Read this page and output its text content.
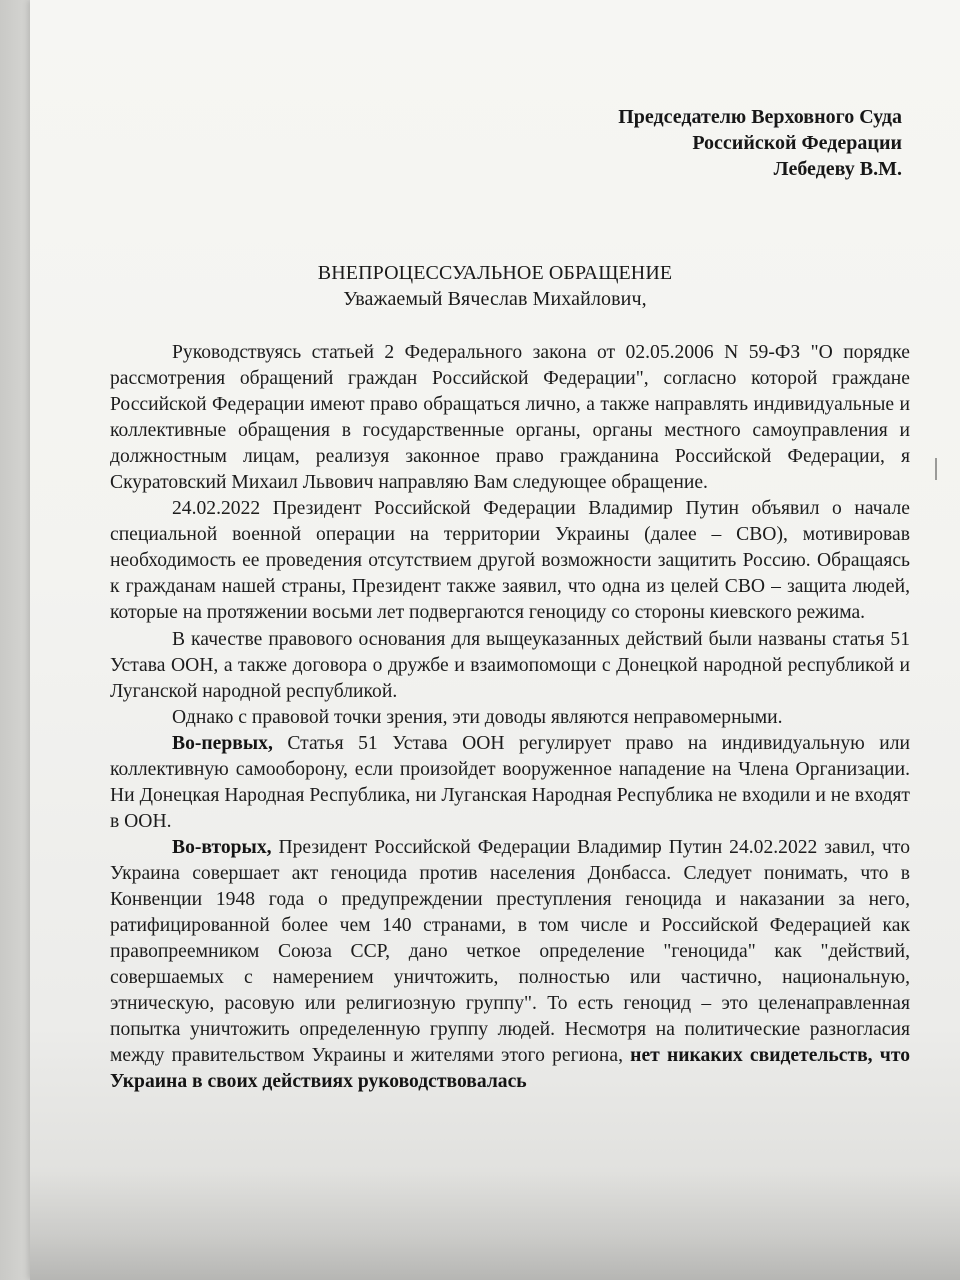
Председателю Верховного Суда
Российской Федерации
Лебедеву В.М.
ВНЕПРОЦЕССУАЛЬНОЕ ОБРАЩЕНИЕ
Уважаемый Вячеслав Михайлович,

Руководствуясь статьей 2 Федерального закона от 02.05.2006 N 59-ФЗ "О порядке рассмотрения обращений граждан Российской Федерации", согласно которой граждане Российской Федерации имеют право обращаться лично, а также направлять индивидуальные и коллективные обращения в государственные органы, органы местного самоуправления и должностным лицам, реализуя законное право гражданина Российской Федерации, я Скуратовский Михаил Львович направляю Вам следующее обращение.

24.02.2022 Президент Российской Федерации Владимир Путин объявил о начале специальной военной операции на территории Украины (далее – СВО), мотивировав необходимость ее проведения отсутствием другой возможности защитить Россию. Обращаясь к гражданам нашей страны, Президент также заявил, что одна из целей СВО – защита людей, которые на протяжении восьми лет подвергаются геноциду со стороны киевского режима.

В качестве правового основания для выщеуказанных действий были названы статья 51 Устава ООН, а также договора о дружбе и взаимопомощи с Донецкой народной республикой и Луганской народной республикой.

Однако с правовой точки зрения, эти доводы являются неправомерными.

Во-первых, Статья 51 Устава ООН регулирует право на индивидуальную или коллективную самооборону, если произойдет вооруженное нападение на Члена Организации. Ни Донецкая Народная Республика, ни Луганская Народная Республика не входили и не входят в ООН.

Во-вторых, Президент Российской Федерации Владимир Путин 24.02.2022 завил, что Украина совершает акт геноцида против населения Донбасса. Следует понимать, что в Конвенции 1948 года о предупреждении преступления геноцида и наказании за него, ратифицированной более чем 140 странами, в том числе и Российской Федерацией как правопреемником Союза ССР, дано четкое определение "геноцида" как "действий, совершаемых с намерением уничтожить, полностью или частично, национальную, этническую, расовую или религиозную группу". То есть геноцид – это целенаправленная попытка уничтожить определенную группу людей. Несмотря на политические разногласия между правительством Украины и жителями этого региона, нет никаких свидетельств, что Украина в своих действиях руководствовалась
